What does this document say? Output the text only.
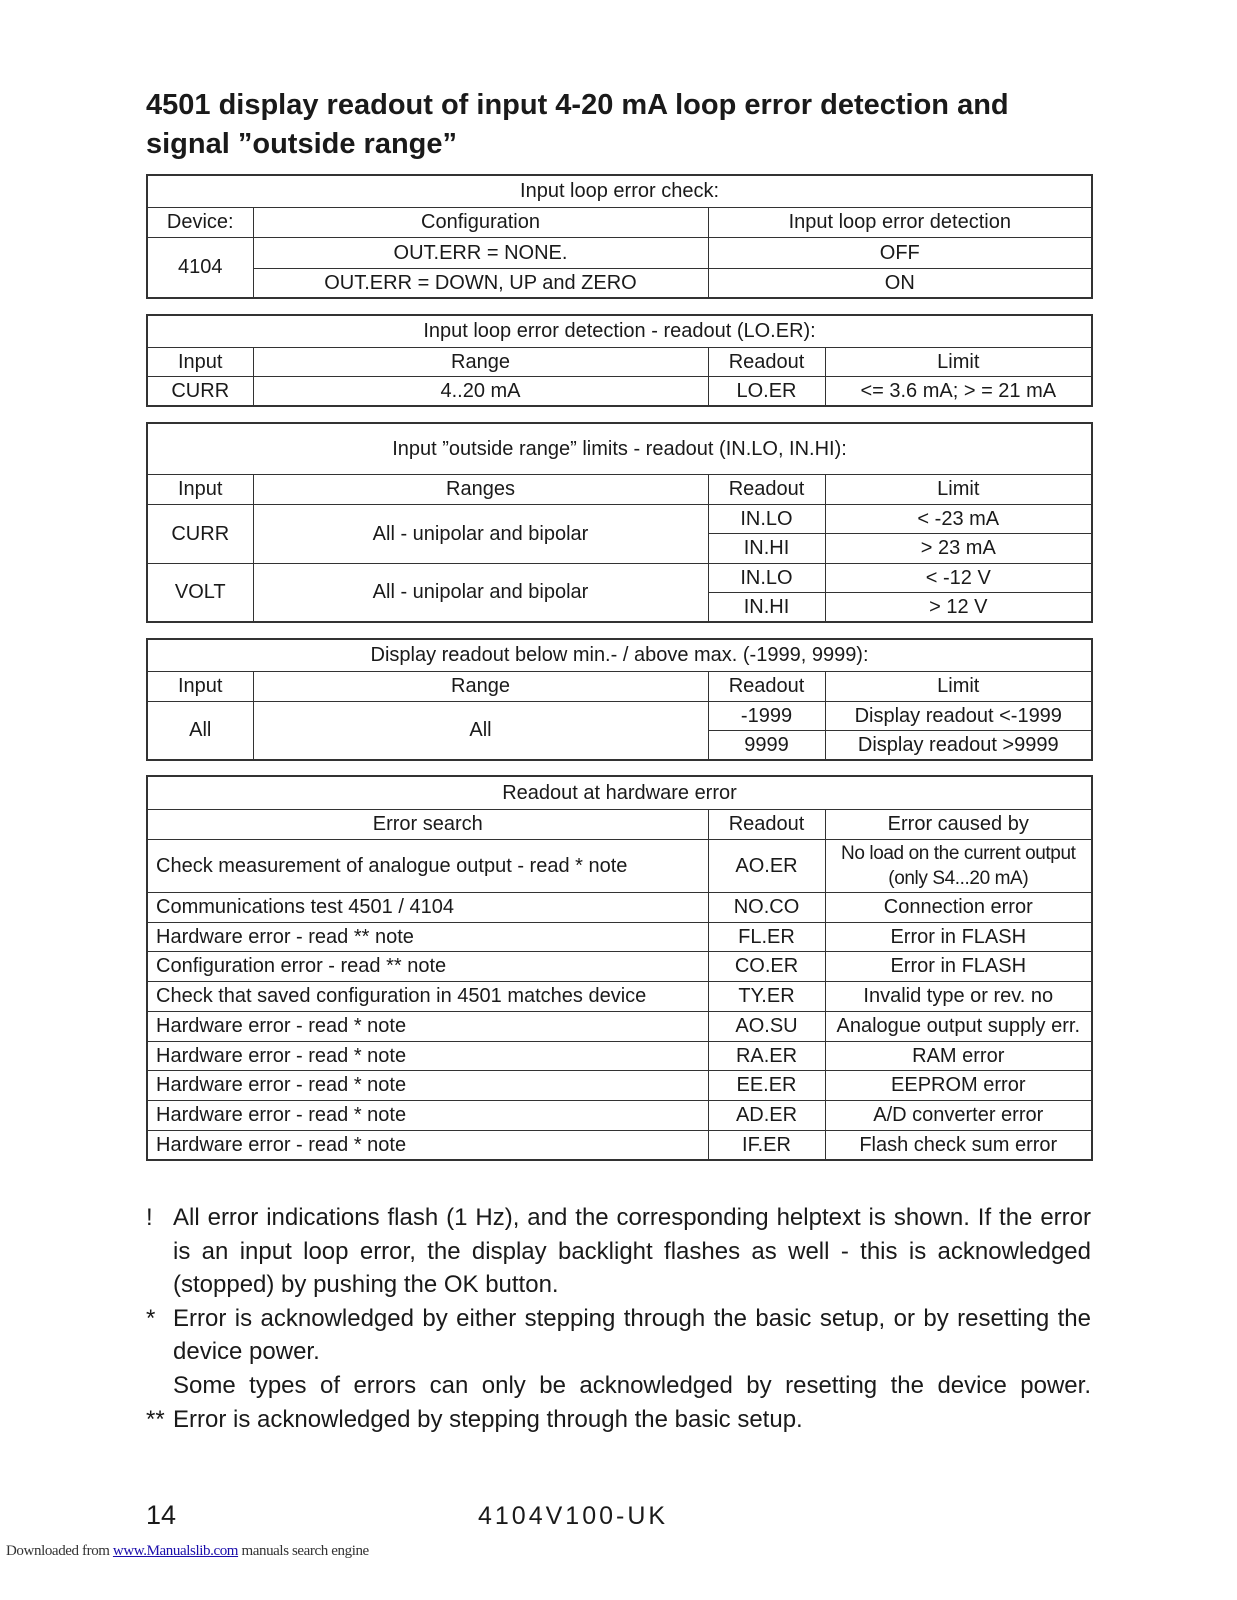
4501 display readout of input 4-20 mA loop error detection and signal ”outside range”
Input loop error check:		
Device:	Configuration	Input loop error detection
4104	OUT.ERR = NONE.	OFF
	OUT.ERR = DOWN, UP and ZERO	ON
Input loop error detection - readout (LO.ER):			
Input	Range	Readout	Limit
CURR	4..20 mA	LO.ER	<= 3.6 mA; > = 21 mA
Input ”outside range” limits - readout (IN.LO, IN.HI):			
Input	Ranges	Readout	Limit
CURR	All - unipolar and bipolar	IN.LO	< -23 mA
		IN.HI	> 23 mA
VOLT	All - unipolar and bipolar	IN.LO	< -12 V
		IN.HI	> 12 V
Display readout below min.- / above max. (-1999, 9999):			
Input	Range	Readout	Limit
All	All	-1999	Display readout <-1999
		9999	Display readout >9999
Readout at hardware error		
Error search	Readout	Error caused by
Check measurement of analogue output - read * note	AO.ER	No load on the current output (only S4...20 mA)
Communications test 4501 / 4104	NO.CO	Connection error
Hardware error - read ** note	FL.ER	Error in FLASH
Configuration error - read ** note	CO.ER	Error in FLASH
Check that saved configuration in 4501 matches device	TY.ER	Invalid type or rev. no
Hardware error - read * note	AO.SU	Analogue output supply err.
Hardware error - read * note	RA.ER	RAM error
Hardware error - read * note	EE.ER	EEPROM error
Hardware error - read * note	AD.ER	A/D converter error
Hardware error - read * note	IF.ER	Flash check sum error
! All error indications flash (1 Hz), and the corresponding helptext is shown. If the error is an input loop error, the display backlight flashes as well - this is acknowledged (stopped) by pushing the OK button.
* Error is acknowledged by either stepping through the basic setup, or by resetting the device power.
Some types of errors can only be acknowledged by resetting the device power.
** Error is acknowledged by stepping through the basic setup.
14	4104V100-UK
Downloaded from www.Manualslib.com manuals search engine
